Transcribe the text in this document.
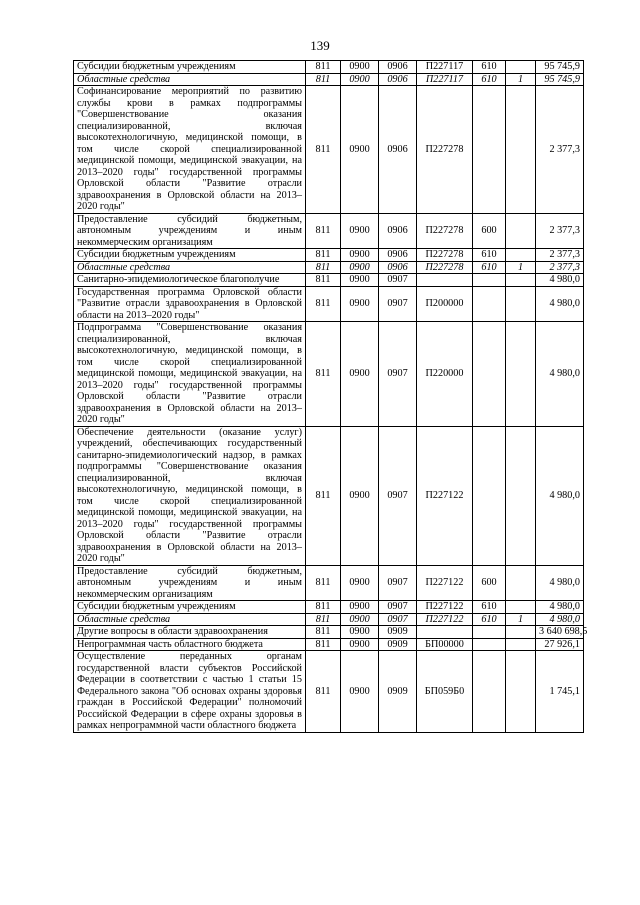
139
Субсидии бюджетным учреждениям	811	0900	0906	П227117	610		95 745,9
Областные средства	811	0900	0906	П227117	610	1	95 745,9
Софинансирование мероприятий по развитию службы крови в рамках подпрограммы "Совершенствование оказания специализированной, включая высокотехнологичную, медицинской помощи, в том числе скорой специализированной медицинской помощи, медицинской эвакуации, на 2013–2020 годы" государственной программы Орловской области "Развитие отрасли здравоохранения в Орловской области на 2013–2020 годы"	811	0900	0906	П227278			2 377,3
Предоставление субсидий бюджетным, автономным учреждениям и иным некоммерческим организациям	811	0900	0906	П227278	600		2 377,3
Субсидии бюджетным учреждениям	811	0900	0906	П227278	610		2 377,3
Областные средства	811	0900	0906	П227278	610	1	2 377,3
Санитарно-эпидемиологическое благополучие	811	0900	0907				4 980,0
Государственная программа Орловской области "Развитие отрасли здравоохранения в Орловской области на 2013–2020 годы"	811	0900	0907	П200000			4 980,0
Подпрограмма "Совершенствование оказания специализированной, включая высокотехнологичную, медицинской помощи, в том числе скорой специализированной медицинской помощи, медицинской эвакуации, на 2013–2020 годы" государственной программы Орловской области "Развитие отрасли здравоохранения в Орловской области на 2013–2020 годы"	811	0900	0907	П220000			4 980,0
Обеспечение деятельности (оказание услуг) учреждений, обеспечивающих государственный санитарно-эпидемиологический надзор, в рамках подпрограммы "Совершенствование оказания специализированной, включая высокотехнологичную, медицинской помощи, в том числе скорой специализированной медицинской помощи, медицинской эвакуации, на 2013–2020 годы" государственной программы Орловской области "Развитие отрасли здравоохранения в Орловской области на 2013–2020 годы"	811	0900	0907	П227122			4 980,0
Предоставление субсидий бюджетным, автономным учреждениям и иным некоммерческим организациям	811	0900	0907	П227122	600		4 980,0
Субсидии бюджетным учреждениям	811	0900	0907	П227122	610		4 980,0
Областные средства	811	0900	0907	П227122	610	1	4 980,0
Другие вопросы в области здравоохранения	811	0900	0909				3 640 698,5
Непрограммная часть областного бюджета	811	0900	0909	БП00000			27 926,1
Осуществление переданных органам государственной власти субъектов Российской Федерации в соответствии с частью 1 статьи 15 Федерального закона "Об основах охраны здоровья граждан в Российской Федерации" полномочий Российской Федерации в сфере охраны здоровья в рамках непрограммной части областного бюджета	811	0900	0909	БП059Б0			1 745,1
